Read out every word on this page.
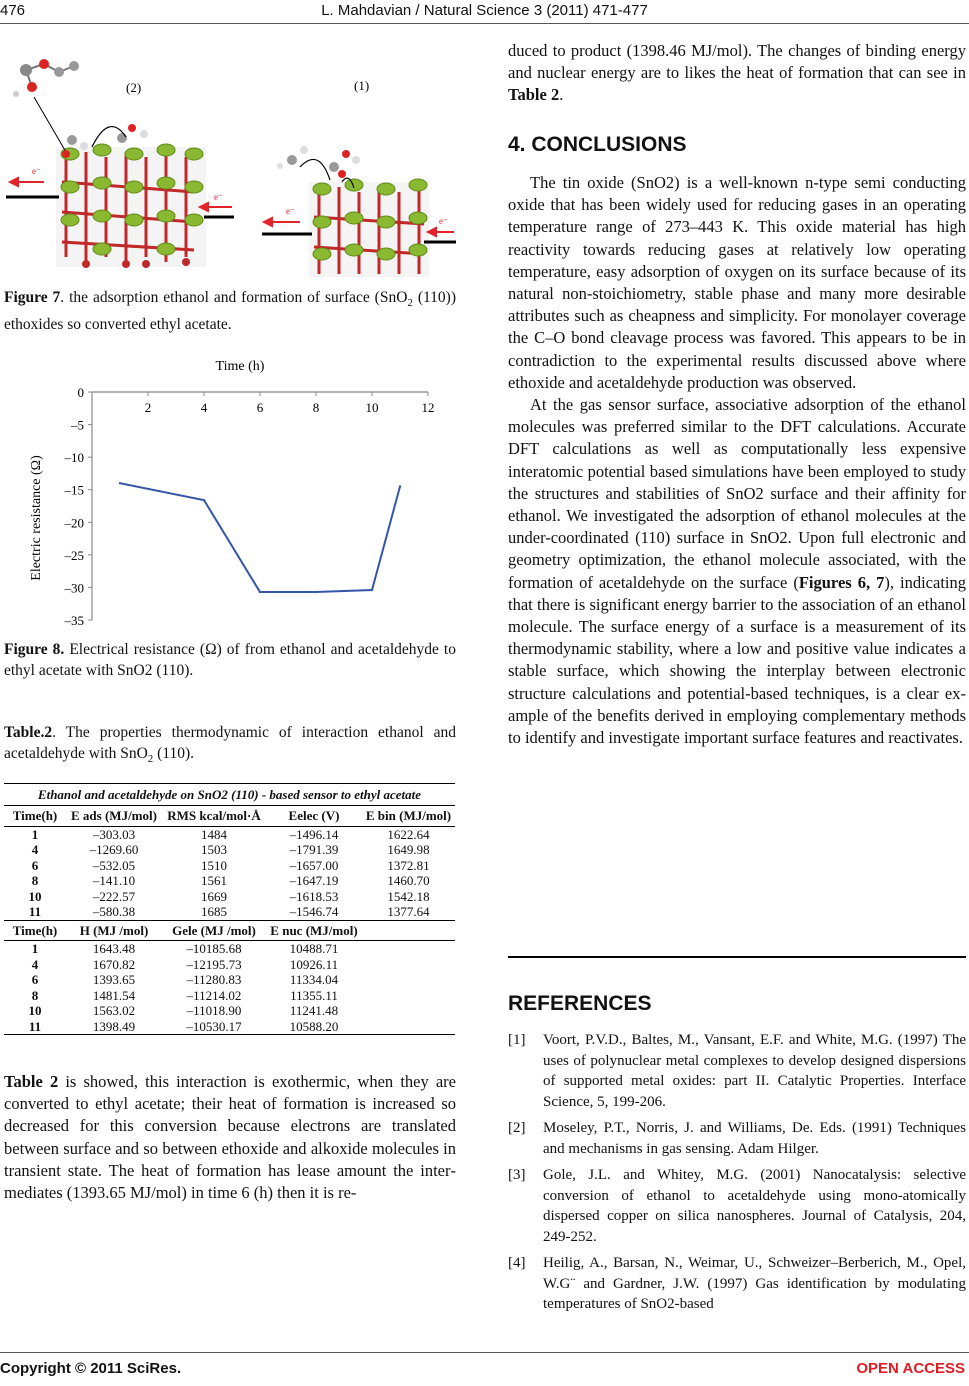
476	L. Mahdavian / Natural Science 3 (2011) 471-477
e⁻
e⁻
(2)	(1)
e⁻
e⁻
Figure 7. the adsorption ethanol and formation of surface (SnO$_2$ (110)) ethoxides so converted ethyl acetate.
Time (h)
Electric resistance (Ω)
2	4	6	8	10	12
0
–5
–10
–15
–20
–25
–30
–35
Figure 8. Electrical resistance (Ω) of from ethanol and acetaldehyde to ethyl acetate with SnO2 (110).
Table.2. The properties thermodynamic of interaction ethanol and acetaldehyde with SnO$_2$ (110).
Ethanol and acetaldehyde on SnO2 (110) - based sensor to ethyl acetate				
Time(h)	E ads (MJ/mol)	RMS kcal/mol·Å	Eelec (V)	E bin (MJ/mol)
1	–303.03	1484	–1496.14	1622.64
4	–1269.60	1503	–1791.39	1649.98
6	–532.05	1510	–1657.00	1372.81
8	–141.10	1561	–1647.19	1460.70
10	–222.57	1669	–1618.53	1542.18
11	–580.38	1685	–1546.74	1377.64
Time(h)	H (MJ /mol)	Gele (MJ /mol)	E nuc (MJ/mol)	
1	1643.48	–10185.68	10488.71	
4	1670.82	–12195.73	10926.11	
6	1393.65	–11280.83	11334.04	
8	1481.54	–11214.02	11355.11	
10	1563.02	–11018.90	11241.48	
11	1398.49	–10530.17	10588.20	

Table 2 is showed, this interaction is exothermic, when they are converted to ethyl acetate; their heat of formation is increased so decreased for this conversion because electrons are translated between surface and so between ethoxide and alkoxide molecules in transient state. The heat of formation has lease amount the intermediates (1393.65 MJ/mol) in time 6 (h) then it is re-

duced to product (1398.46 MJ/mol). The changes of binding energy and nuclear energy are to likes the heat of formation that can see in Table 2.

4. CONCLUSIONS

The tin oxide (SnO2) is a well-known n-type semi conducting oxide that has been widely used for reducing gases in an operating temperature range of 273–443 K. This oxide material has high reactivity towards reducing gases at relatively low operating temperature, easy adsorption of oxygen on its surface because of its natural non-stoichiometry, stable phase and many more desirable attributes such as cheapness and simplicity. For monolayer coverage the C–O bond cleavage process was favored. This appears to be in contradiction to the experimental results discussed above where ethoxide and acetaldehyde production was observed.

At the gas sensor surface, associative adsorption of the ethanol molecules was preferred similar to the DFT calculations. Accurate DFT calculations as well as computationally less expensive interatomic potential based simulations have been employed to study the structures and stabilities of SnO2 surface and their affinity for ethanol. We investigated the adsorption of ethanol molecules at the under-coordinated (110) surface in SnO2. Upon full electronic and geometry optimization, the ethanol molecule associated, with the formation of acetaldehyde on the surface (Figures 6, 7), indicating that there is significant energy barrier to the association of an ethanol molecule. The surface energy of a surface is a measurement of its thermodynamic stability, where a low and positive value indicates a stable surface, which showing the interplay between electronic structure calculations and potential-based techniques, is a clear example of the benefits derived in employing complementary methods to identify and investigate important surface features and reactivates.

REFERENCES
[1] Voort, P.V.D., Baltes, M., Vansant, E.F. and White, M.G. (1997) The uses of polynuclear metal complexes to develop designed dispersions of supported metal oxides: part II. Catalytic Properties. Interface Science, 5, 199-206.
[2] Moseley, P.T., Norris, J. and Williams, De. Eds. (1991) Techniques and mechanisms in gas sensing. Adam Hilger.
[3] Gole, J.L. and Whitey, M.G. (2001) Nanocatalysis: selective conversion of ethanol to acetaldehyde using mono-atomically dispersed copper on silica nanospheres. Journal of Catalysis, 204, 249-252.
[4] Heilig, A., Barsan, N., Weimar, U., Schweizer–Berberich, M., Opel, W.G¨ and Gardner, J.W. (1997) Gas identification by modulating temperatures of SnO2-based
Copyright © 2011 SciRes.	OPEN ACCESS
